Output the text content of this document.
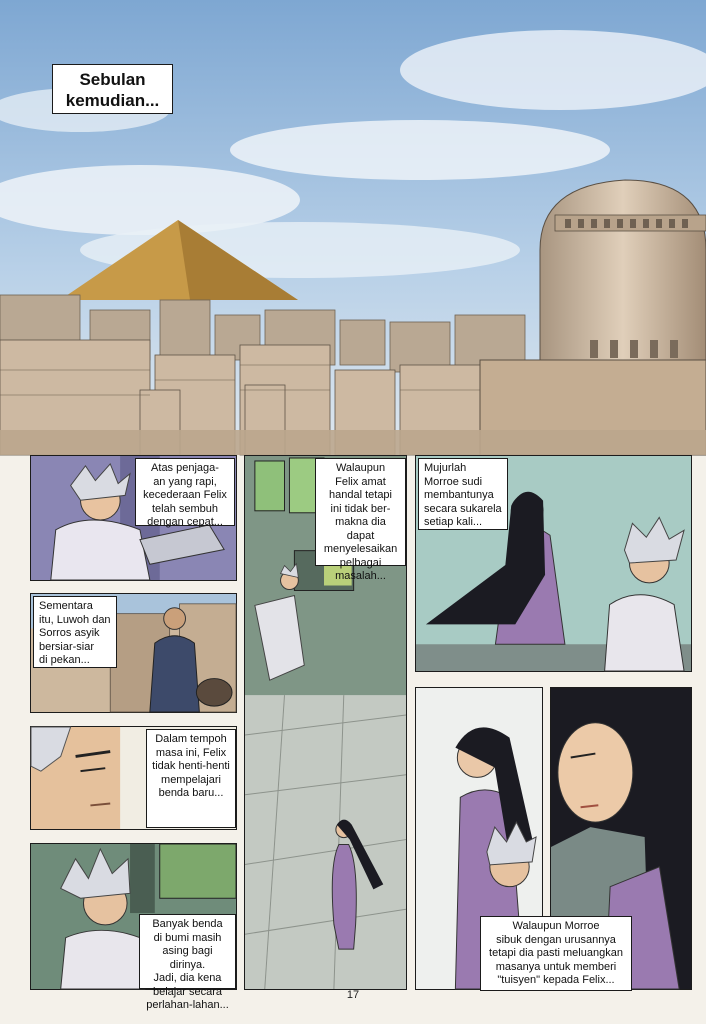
Sebulan
kemudian...
Atas penjaga-
an yang rapi,
kecederaan Felix
telah sembuh
dengan cepat...
Sementara
itu, Luwoh dan
Sorros asyik
bersiar-siar
di pekan...
Dalam tempoh
masa ini, Felix
tidak henti-henti
mempelajari
benda baru...
Banyak benda
di bumi masih
asing bagi dirinya.
Jadi, dia kena
belajar secara
perlahan-lahan...
Walaupun
Felix amat
handal tetapi
ini tidak ber-
makna dia dapat
menyelesaikan
pelbagai
masalah...
Mujurlah
Morroe sudi
membantunya
secara sukarela
setiap kali...
Walaupun Morroe
sibuk dengan urusannya
tetapi dia pasti meluangkan
masanya untuk memberi
"tuisyen" kepada Felix...
17
